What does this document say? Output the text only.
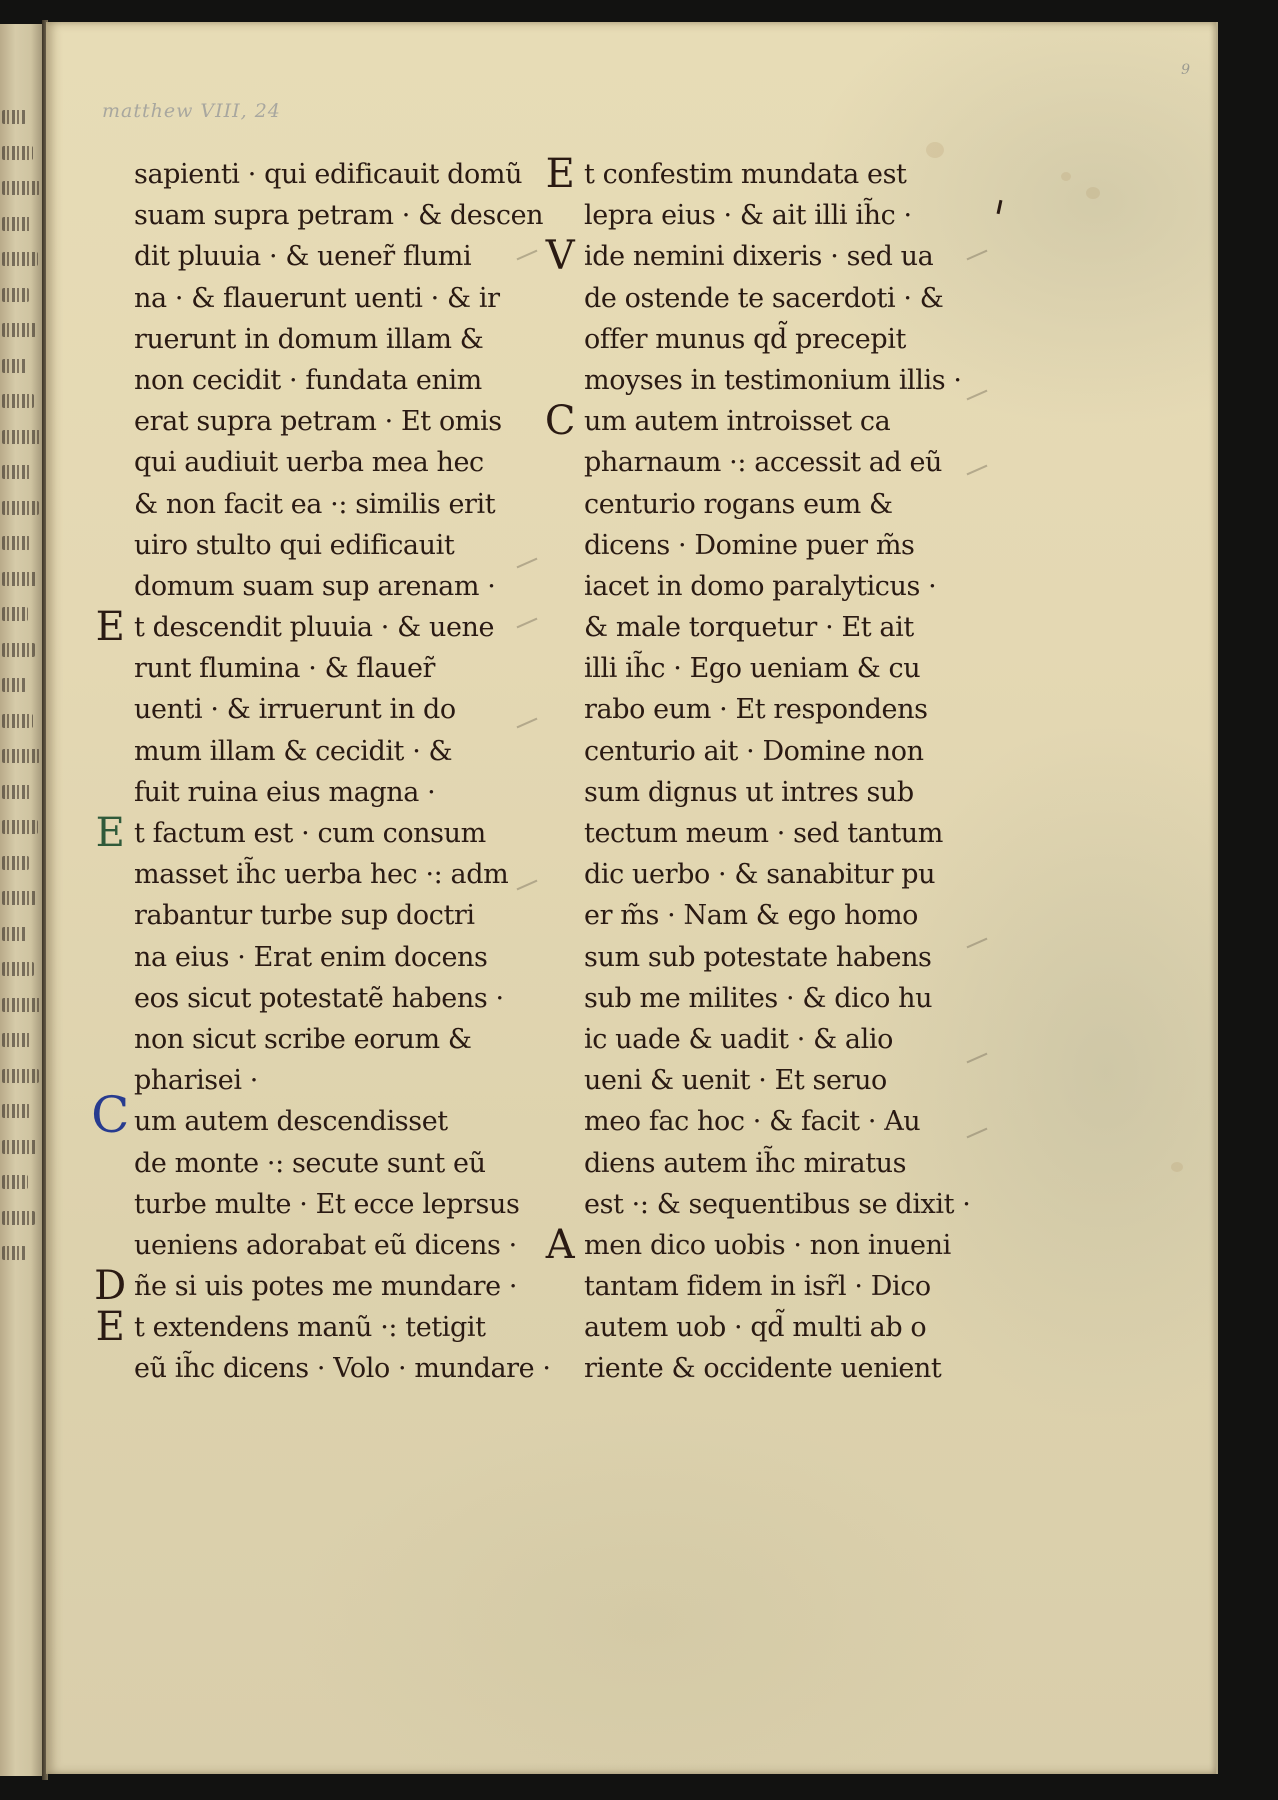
matthew VIII, 24
9
sapienti · qui edificauit domũ
suam supra petram · & descen
dit pluuia · & uener̃ flumi
na · & flauerunt uenti · & ir
ruerunt in domum illam &
non cecidit · fundata enim
erat supra petram · Et omis
qui audiuit uerba mea hec
& non facit ea ·: similis erit
uiro stulto qui edificauit
domum suam sup arenam ·
E t descendit pluuia · & uene
runt flumina · & flauer̃
uenti · & irruerunt in do
mum illam & cecidit · &
fuit ruina eius magna ·
E t factum est · cum consum
masset ih̃c uerba hec ·: adm
rabantur turbe sup doctri
na eius · Erat enim docens
eos sicut potestatẽ habens ·
non sicut scribe eorum &
pharisei ·
C um autem descendisset
de monte ·: secute sunt eũ
turbe multe · Et ecce leprsus
ueniens adorabat eũ dicens ·
D ñe si uis potes me mundare ·
E t extendens manũ ·: tetigit
eũ ih̃c dicens · Volo · mundare ·
E t confestim mundata est
lepra eius · & ait illi ih̃c ·
V ide nemini dixeris · sed ua
de ostende te sacerdoti · &
offer munus qd̃ precepit
moyses in testimonium illis ·
C um autem introisset ca
pharnaum ·: accessit ad eũ
centurio rogans eum &
dicens · Domine puer m̃s
iacet in domo paralyticus ·
& male torquetur · Et ait
illi ih̃c · Ego ueniam & cu
rabo eum · Et respondens
centurio ait · Domine non
sum dignus ut intres sub
tectum meum · sed tantum
dic uerbo · & sanabitur pu
er m̃s · Nam & ego homo
sum sub potestate habens
sub me milites · & dico hu
ic uade & uadit · & alio
ueni & uenit · Et seruo
meo fac hoc · & facit · Au
diens autem ih̃c miratus
est ·: & sequentibus se dixit ·
A men dico uobis · non inueni
tantam fidem in isr̃l · Dico
autem uob · qd̃ multi ab o
riente & occidente uenient
